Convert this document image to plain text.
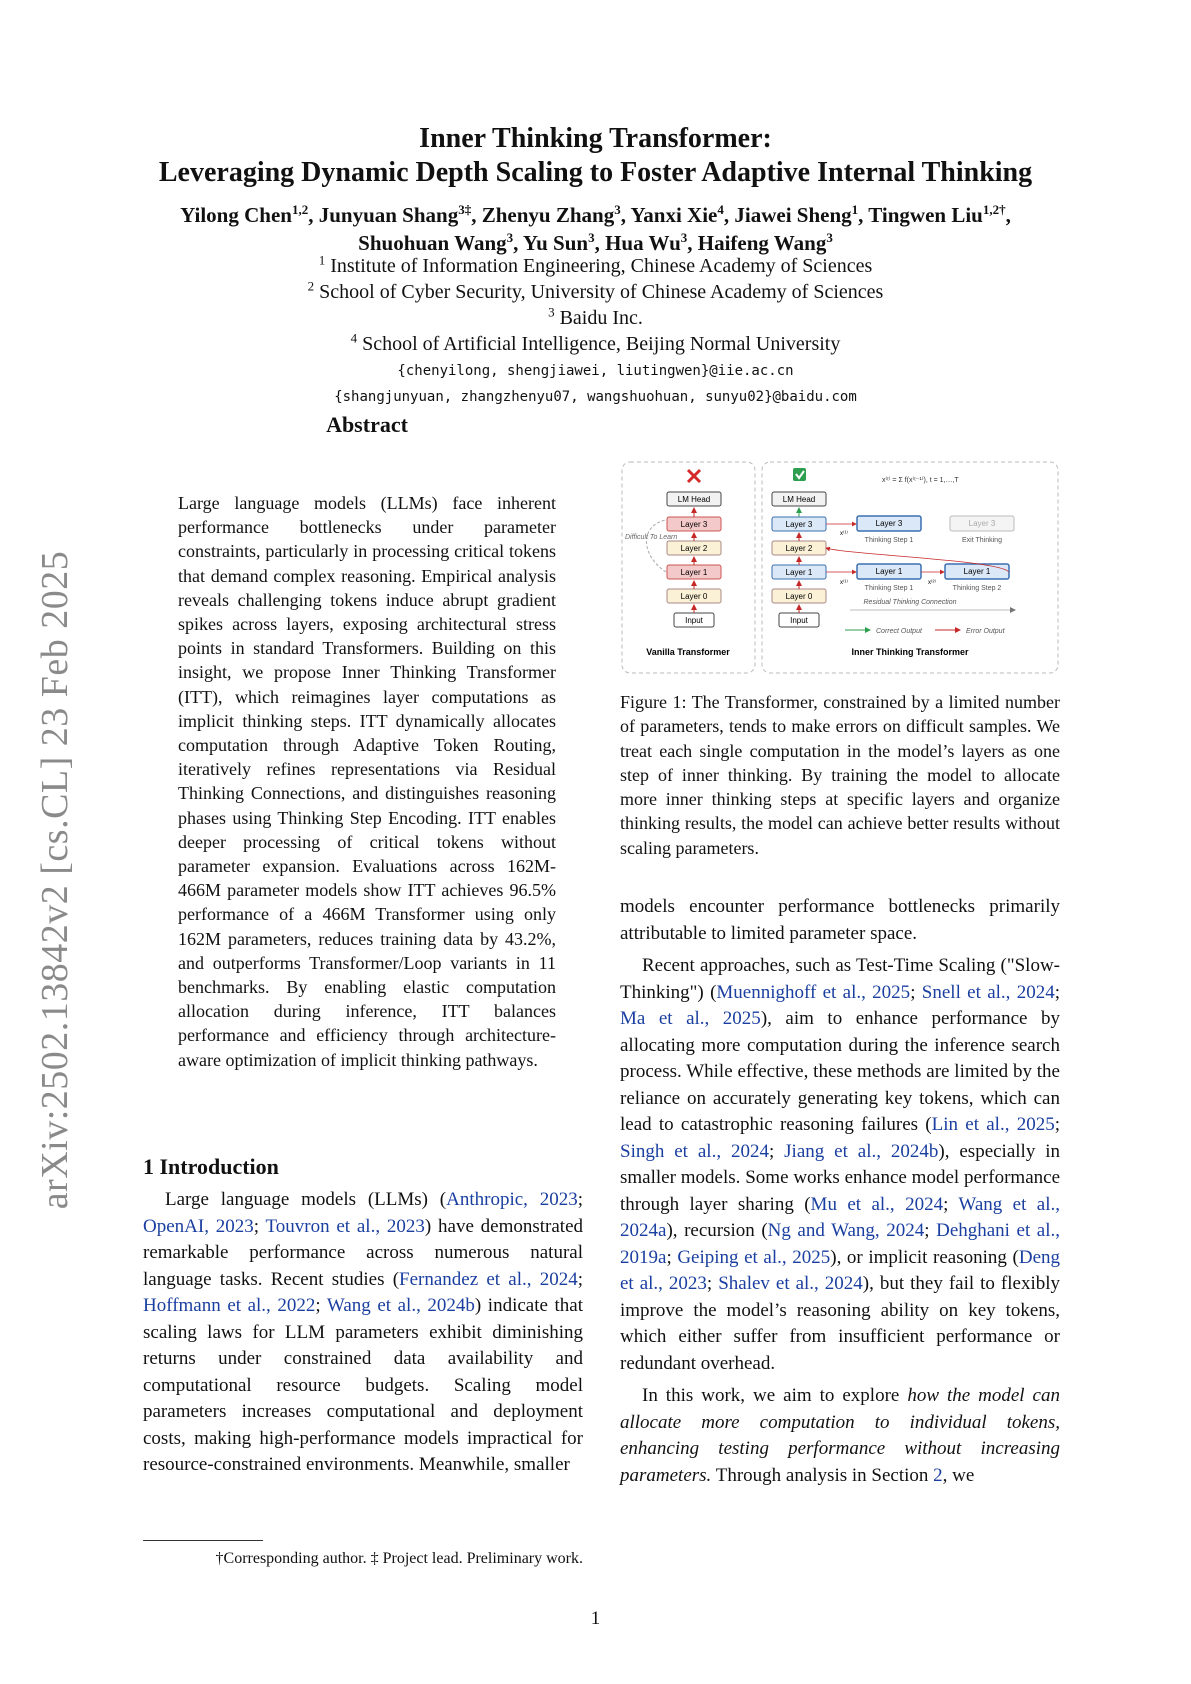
arXiv:2502.13842v2 [cs.CL] 23 Feb 2025
Inner Thinking Transformer:
Leveraging Dynamic Depth Scaling to Foster Adaptive Internal Thinking
Yilong Chen$^{1,2}$, Junyuan Shang$^{3\ddagger}$, Zhenyu Zhang$^3$, Yanxi Xie$^4$, Jiawei Sheng$^1$, Tingwen Liu$^{1,2\dagger}$,
Shuohuan Wang$^3$, Yu Sun$^3$, Hua Wu$^3$, Haifeng Wang$^3$
$^1$ Institute of Information Engineering, Chinese Academy of Sciences
$^2$ School of Cyber Security, University of Chinese Academy of Sciences
$^3$ Baidu Inc.
$^4$ School of Artificial Intelligence, Beijing Normal University
{chenyilong, shengjiawei, liutingwen}@iie.ac.cn
{shangjunyuan, zhangzhenyu07, wangshuohuan, sunyu02}@baidu.com
Abstract
Large language models (LLMs) face inherent performance bottlenecks under parameter constraints, particularly in processing critical tokens that demand complex reasoning. Empirical analysis reveals challenging tokens induce abrupt gradient spikes across layers, exposing architectural stress points in standard Transformers. Building on this insight, we propose Inner Thinking Transformer (ITT), which reimagines layer computations as implicit thinking steps. ITT dynamically allocates computation through Adaptive Token Routing, iteratively refines representations via Residual Thinking Connections, and distinguishes reasoning phases using Thinking Step Encoding. ITT enables deeper processing of critical tokens without parameter expansion. Evaluations across 162M-466M parameter models show ITT achieves 96.5% performance of a 466M Transformer using only 162M parameters, reduces training data by 43.2%, and outperforms Transformer/Loop variants in 11 benchmarks. By enabling elastic computation allocation during inference, ITT balances performance and efficiency through architecture-aware optimization of implicit thinking pathways.
1 Introduction

Large language models (LLMs) (Anthropic, 2023; OpenAI, 2023; Touvron et al., 2023) have demonstrated remarkable performance across numerous natural language tasks. Recent studies (Fernandez et al., 2024; Hoffmann et al., 2022; Wang et al., 2024b) indicate that scaling laws for LLM parameters exhibit diminishing returns under constrained data availability and computational resource budgets. Scaling model parameters increases computational and deployment costs, making high-performance models impractical for resource-constrained environments. Meanwhile, smaller

†Corresponding author. ‡ Project lead. Preliminary work.
LM Head
Layer 3
Layer 2
Layer 1
Layer 0
Input
Difficult To Learn
Vanilla Transformer
x⁽ᵗ⁾ = Σ f(x⁽ᵗ⁻¹⁾), t = 1,…,T
LM Head
Layer 3
Layer 2
Layer 1
Layer 0
Input
x⁽¹⁾
Layer 3
Thinking Step 1
Layer 3
Exit Thinking
x⁽¹⁾
Layer 1
Thinking Step 1
x⁽²⁾
Layer 1
Thinking Step 2
Residual Thinking Connection
Correct Output	Error Output
Inner Thinking Transformer
Figure 1: The Transformer, constrained by a limited number of parameters, tends to make errors on difficult samples. We treat each single computation in the model’s layers as one step of inner thinking. By training the model to allocate more inner thinking steps at specific layers and organize thinking results, the model can achieve better results without scaling parameters.

models encounter performance bottlenecks primarily attributable to limited parameter space.

Recent approaches, such as Test-Time Scaling ("Slow-Thinking") (Muennighoff et al., 2025; Snell et al., 2024; Ma et al., 2025), aim to enhance performance by allocating more computation during the inference search process. While effective, these methods are limited by the reliance on accurately generating key tokens, which can lead to catastrophic reasoning failures (Lin et al., 2025; Singh et al., 2024; Jiang et al., 2024b), especially in smaller models. Some works enhance model performance through layer sharing (Mu et al., 2024; Wang et al., 2024a), recursion (Ng and Wang, 2024; Dehghani et al., 2019a; Geiping et al., 2025), or implicit reasoning (Deng et al., 2023; Shalev et al., 2024), but they fail to flexibly improve the model’s reasoning ability on key tokens, which either suffer from insufficient performance or redundant overhead.

In this work, we aim to explore how the model can allocate more computation to individual tokens, enhancing testing performance without increasing parameters. Through analysis in Section 2, we

1
